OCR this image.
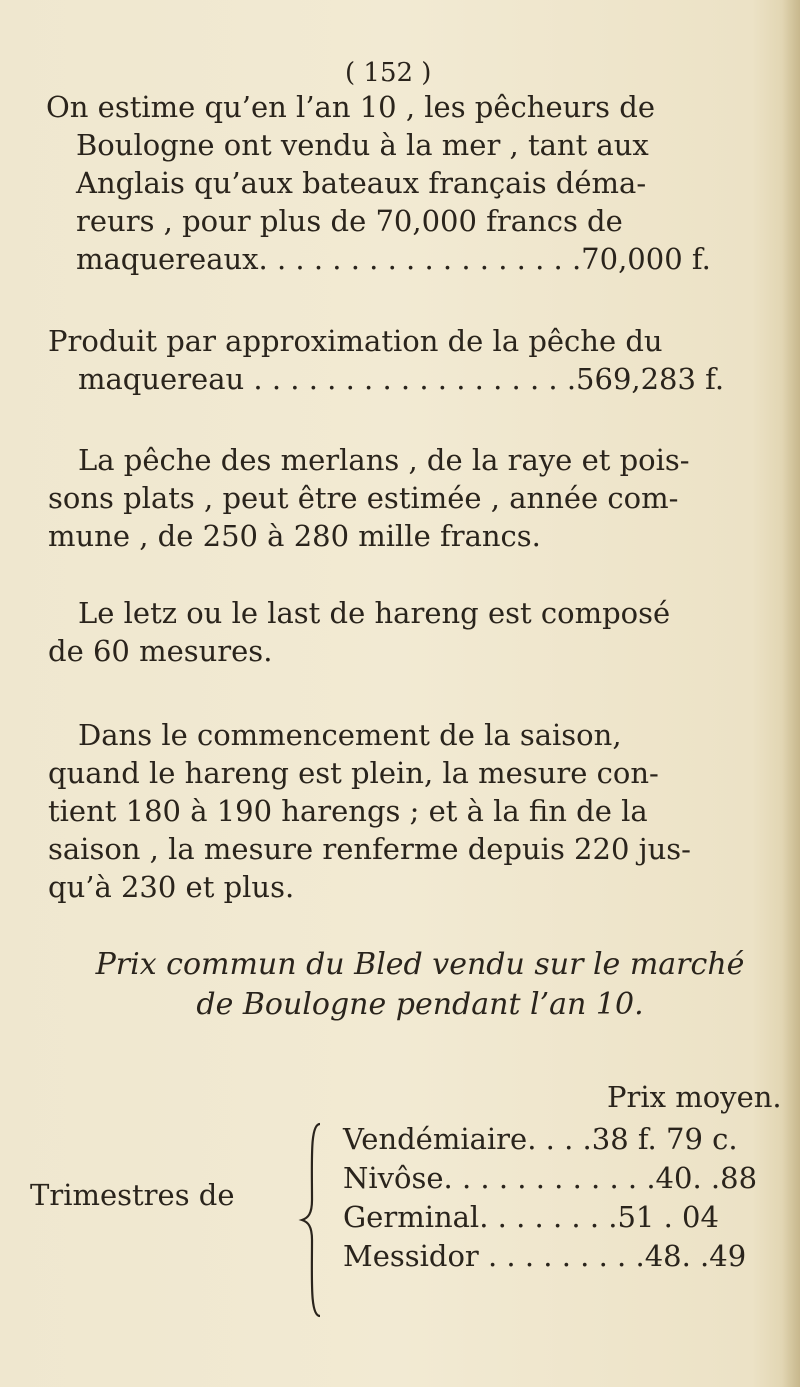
( 152 )
On estime qu’en l’an 10 , les pêcheurs de
Boulogne ont vendu à la mer , tant aux
Anglais qu’aux bateaux français déma-
reurs , pour plus de 70,000 francs de
maquereaux. . . . . . . . . . . . . . . . . .70,000 f.
Produit par approximation de la pêche du
maquereau . . . . . . . . . . . . . . . . . .569,283 f.
La pêche des merlans , de la raye et pois-
sons plats , peut être estimée , année com-
mune , de 250 à 280 mille francs.
Le letz ou le last de hareng est composé
de 60 mesures.
Dans le commencement de la saison,
quand le hareng est plein, la mesure con-
tient 180 à 190 harengs ; et à la fin de la
saison , la mesure renferme depuis 220 jus-
qu’à 230 et plus.
Prix commun du Bled vendu sur le marché
de Boulogne pendant l’an 10.
Prix moyen.
Trimestres de
Vendémiaire. . . .38 f. 79 c.
Nivôse. . . . . . . . . . . .40. .88
Germinal. . . . . . . .51 . 04
Messidor . . . . . . . . .48. .49
